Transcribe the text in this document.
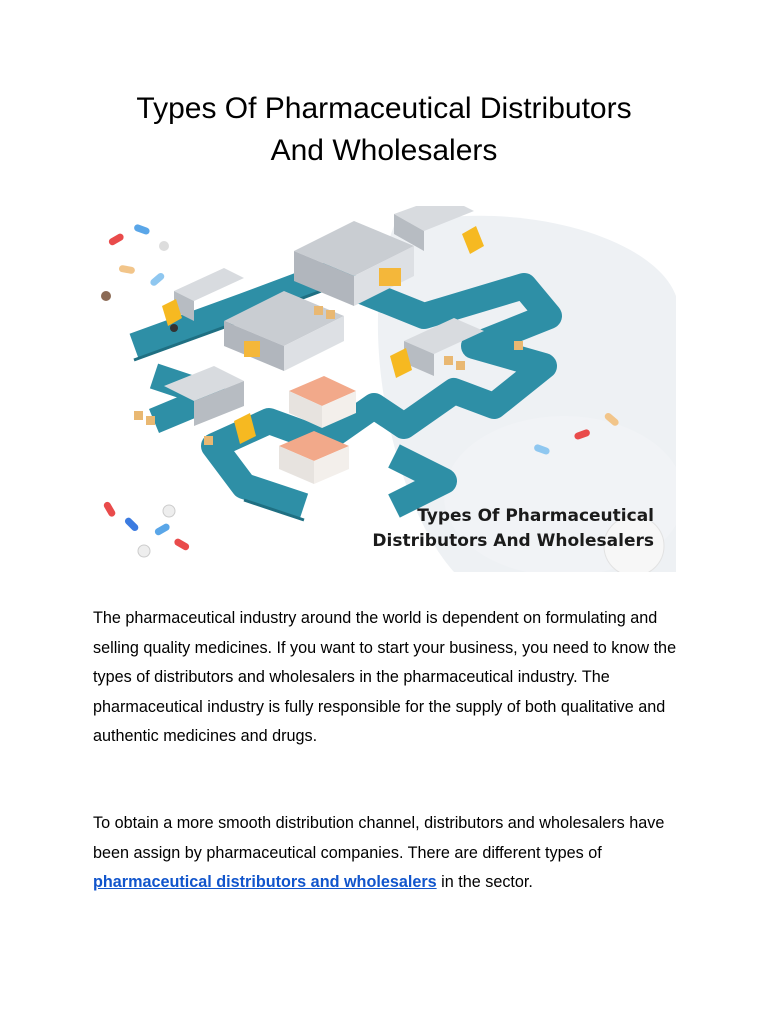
Types Of Pharmaceutical Distributors
And Wholesalers
Types Of Pharmaceutical
Distributors And Wholesalers

The pharmaceutical industry around the world is dependent on formulating and selling quality medicines. If you want to start your business, you need to know the types of distributors and wholesalers in the pharmaceutical industry. The pharmaceutical industry is fully responsible for the supply of both qualitative and authentic medicines and drugs.

To obtain a more smooth distribution channel, distributors and wholesalers have been assign by pharmaceutical companies. There are different types of pharmaceutical distributors and wholesalers in the sector.
